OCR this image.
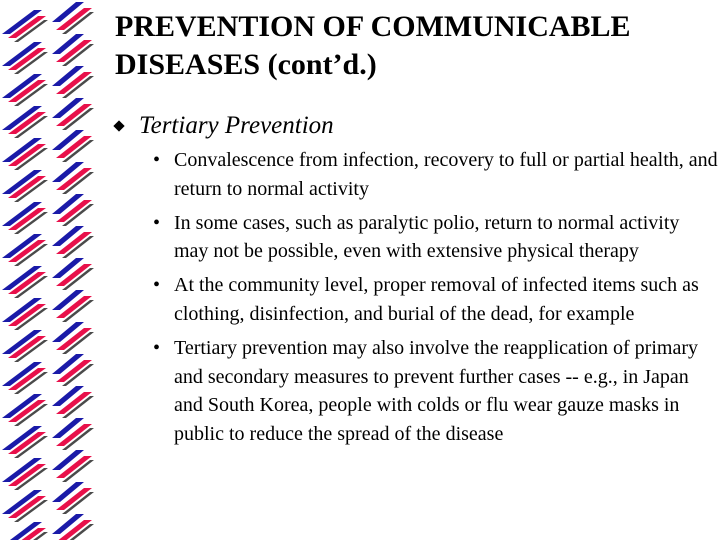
PREVENTION OF COMMUNICABLE
DISEASES (cont’d.)
Tertiary Prevention
• Convalescence from infection, recovery to full or partial health, and return to normal activity
• In some cases, such as paralytic polio, return to normal activity may not be possible, even with extensive physical therapy
• At the community level, proper removal of infected items such as clothing, disinfection, and burial of the dead, for example
• Tertiary prevention may also involve the reapplication of primary and secondary measures to prevent further cases -- e.g., in Japan and South Korea, people with colds or flu wear gauze masks in public to reduce the spread of the disease
